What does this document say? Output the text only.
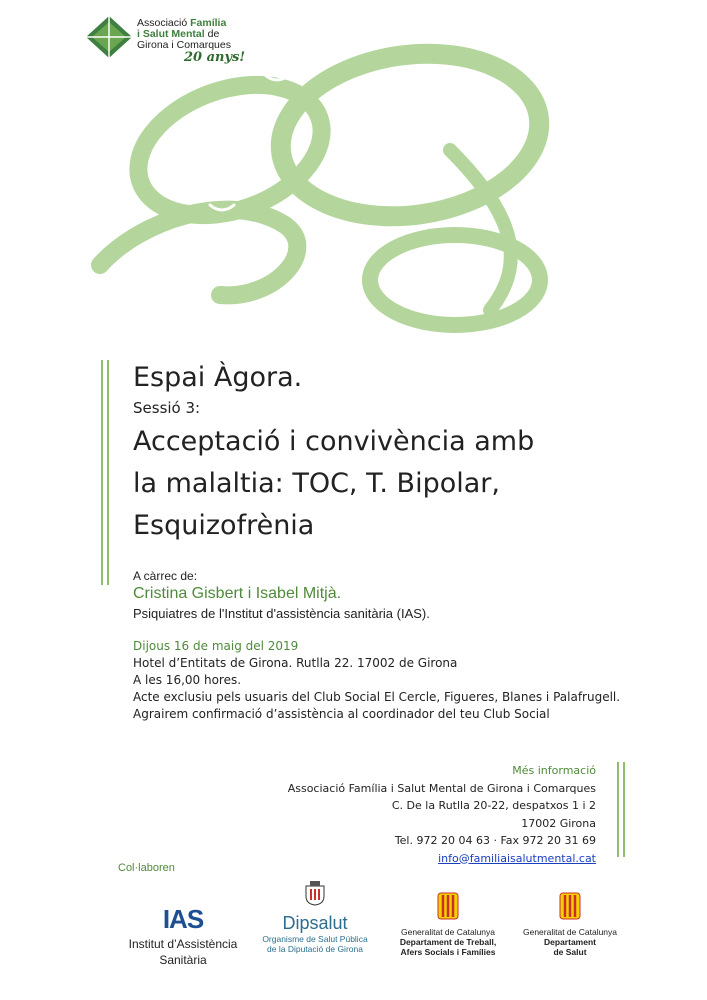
Associació Família
i Salut Mental de
Girona i Comarques
20 anys!
Espai Àgora.
Sessió 3:
Acceptació i convivència amb
la malaltia: TOC, T. Bipolar,
Esquizofrènia
A càrrec de:
Cristina Gisbert i Isabel Mitjà.
Psiquiatres de l'Institut d'assistència sanitària (IAS).
Dijous 16 de maig del 2019
Hotel d’Entitats de Girona. Rutlla 22. 17002 de Girona
A les 16,00 hores.
Acte exclusiu pels usuaris del Club Social El Cercle, Figueres, Blanes i Palafrugell.
Agrairem confirmació d’assistència al coordinador del teu Club Social
Més informació
Associació Família i Salut Mental de Girona i Comarques
C. De la Rutlla 20-22, despatxos 1 i 2
17002 Girona
Tel. 972 20 04 63 · Fax 972 20 31 69
info@familiaisalutmental.cat
Col·laboren
IAS
Institut d’Assistència
Sanitària
Dipsalut
Organisme de Salut Pública
de la Diputació de Girona
Generalitat de Catalunya
Departament de Treball,
Afers Socials i Famílies
Generalitat de Catalunya
Departament
de Salut
